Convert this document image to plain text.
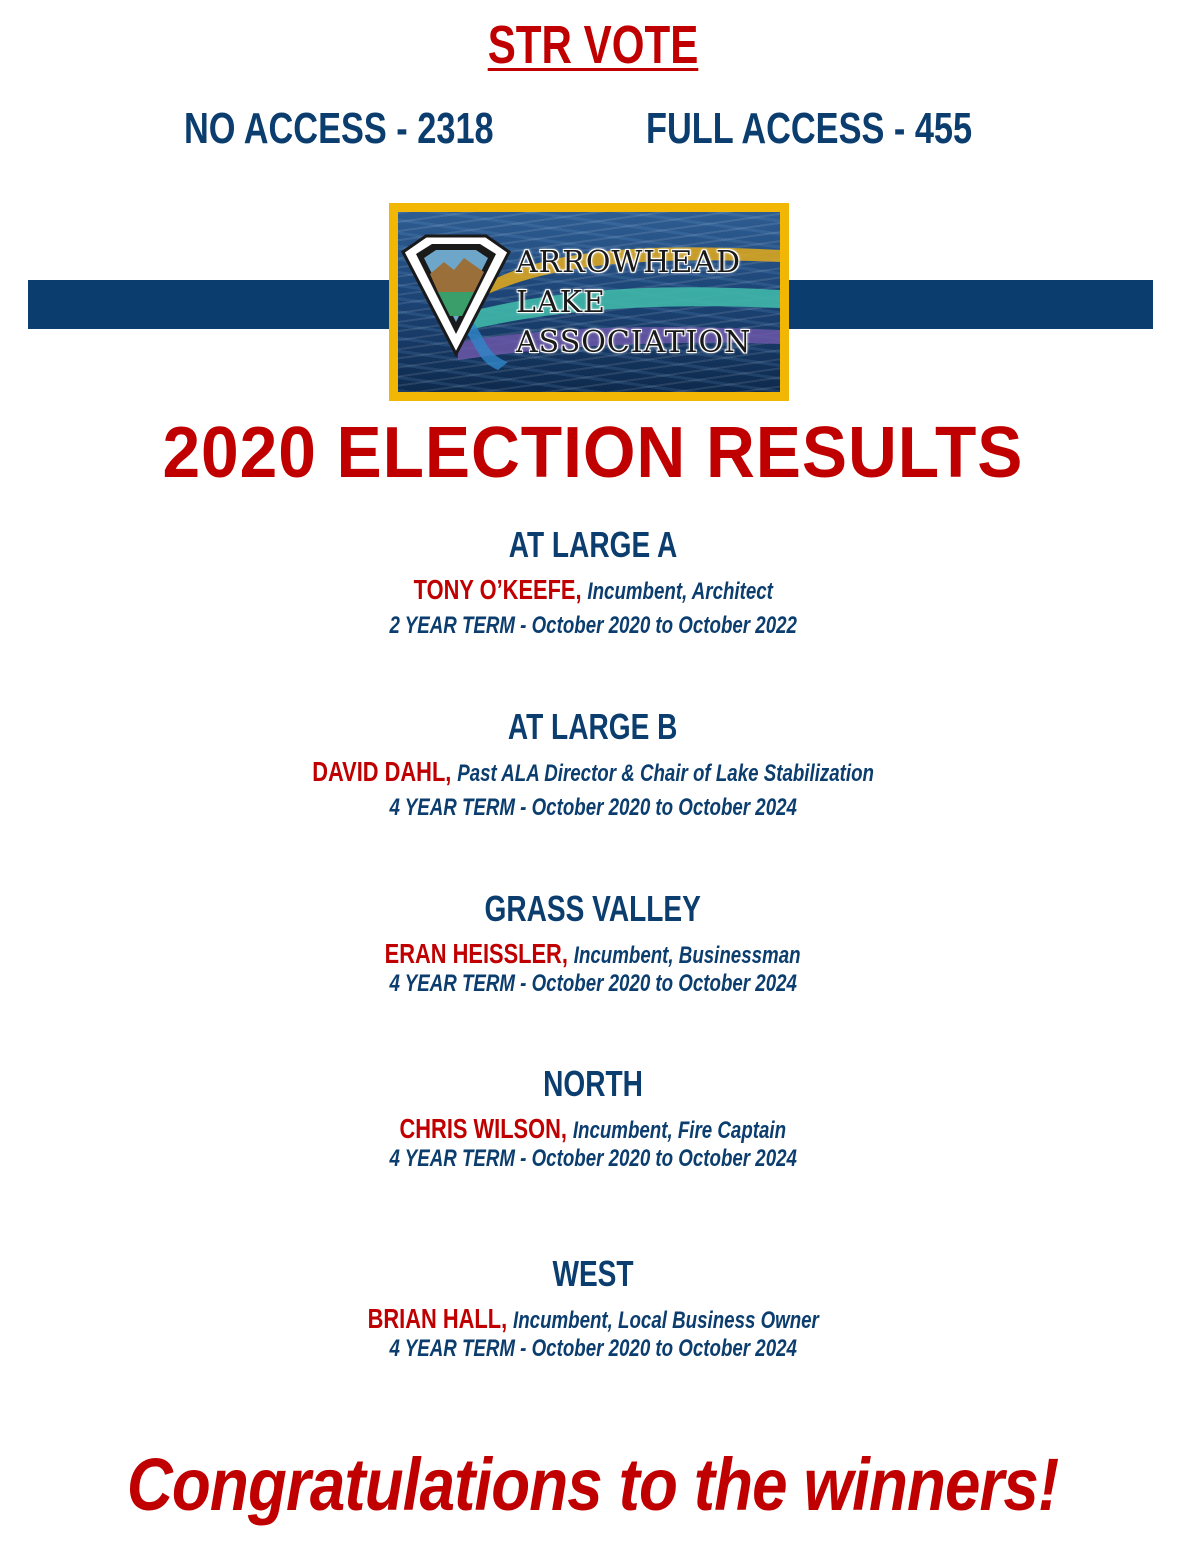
STR VOTE
NO ACCESS - 2318	FULL ACCESS - 455
ARROWHEAD
LAKE
ASSOCIATION
2020 ELECTION RESULTS
AT LARGE A
TONY O’KEEFE, Incumbent, Architect
2 YEAR TERM - October 2020 to October 2022
AT LARGE B
DAVID DAHL, Past ALA Director & Chair of Lake Stabilization
4 YEAR TERM - October 2020 to October 2024
GRASS VALLEY
ERAN HEISSLER, Incumbent, Businessman
4 YEAR TERM - October 2020 to October 2024
NORTH
CHRIS WILSON, Incumbent, Fire Captain
4 YEAR TERM - October 2020 to October 2024
WEST
BRIAN HALL, Incumbent, Local Business Owner
4 YEAR TERM - October 2020 to October 2024
Congratulations to the winners!
